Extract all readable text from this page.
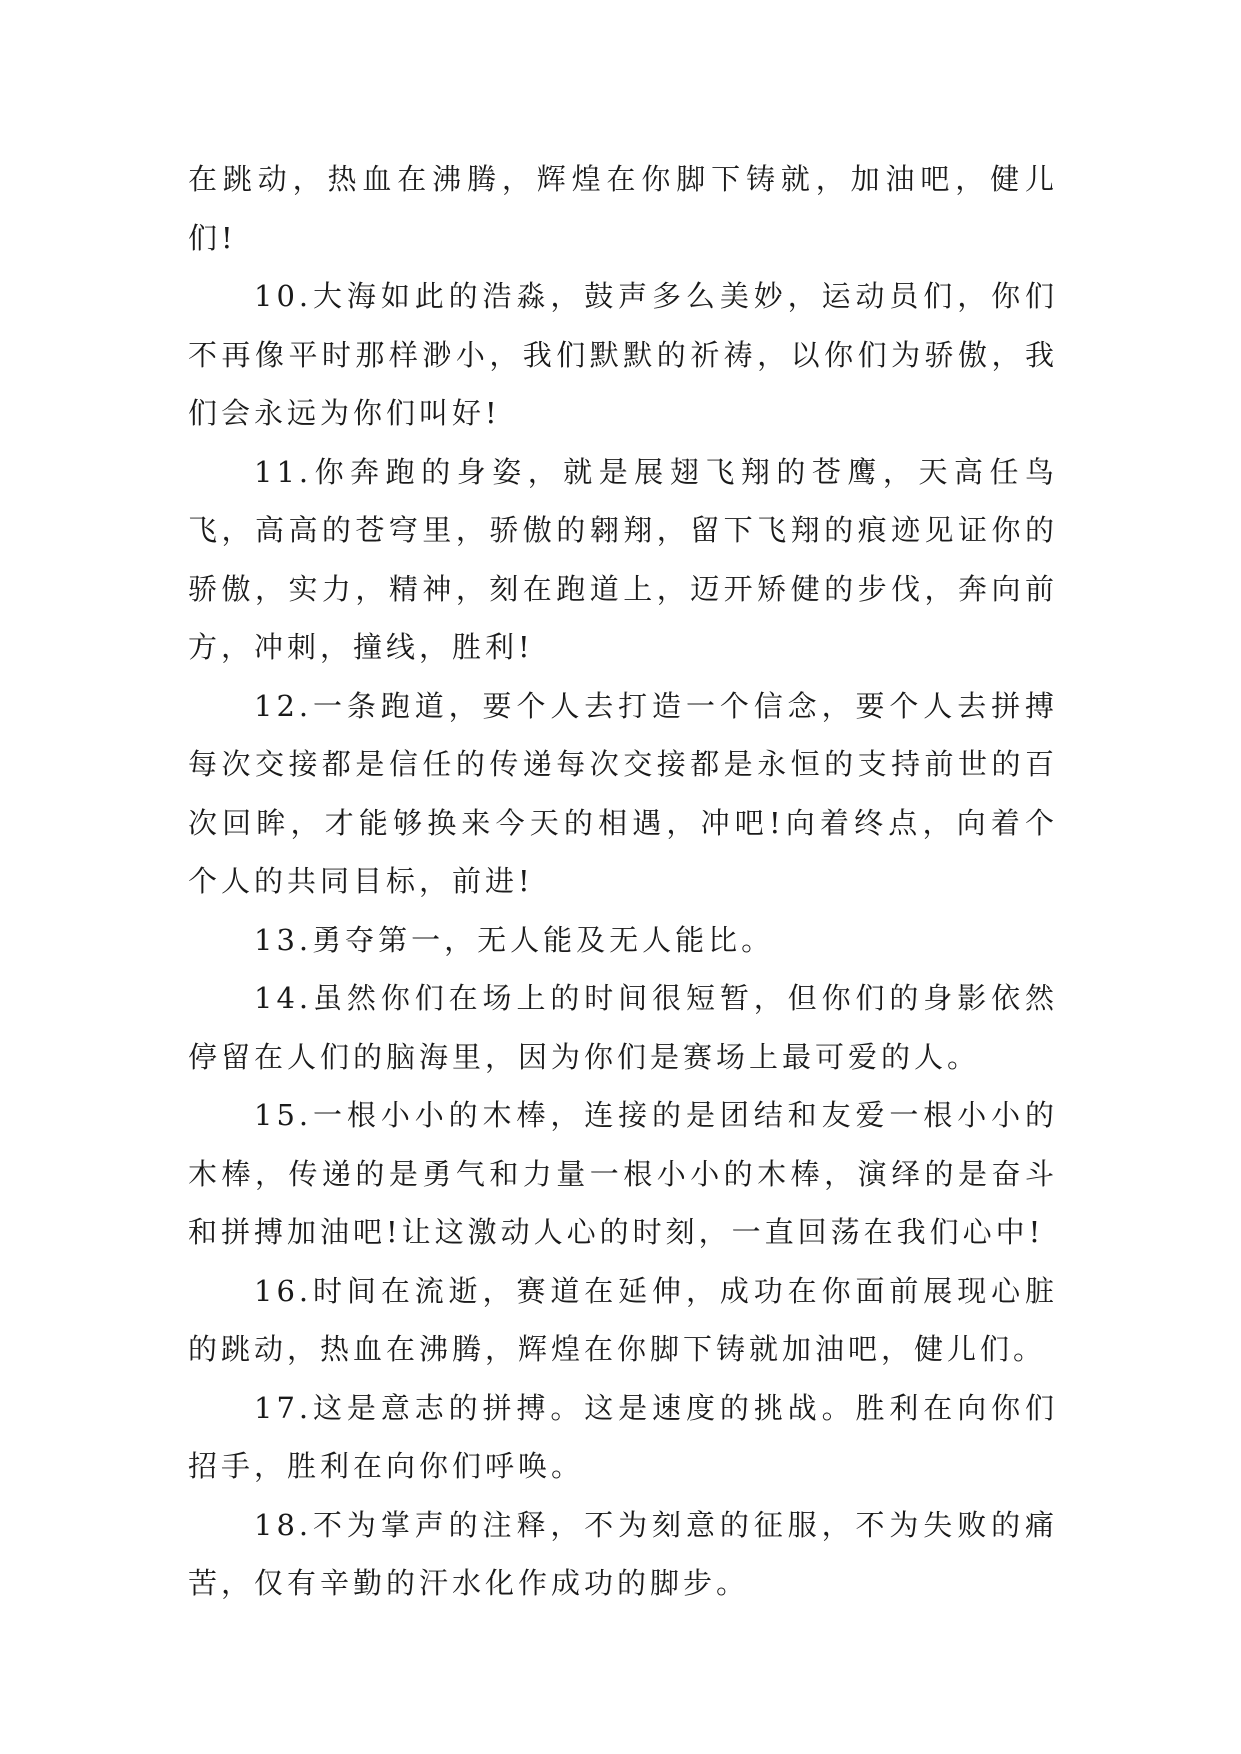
在跳动，热血在沸腾，辉煌在你脚下铸就，加油吧，健儿们!

10.大海如此的浩淼，鼓声多么美妙，运动员们，你们不再像平时那样渺小，我们默默的祈祷，以你们为骄傲，我们会永远为你们叫好!

11.你奔跑的身姿，就是展翅飞翔的苍鹰，天高任鸟飞，高高的苍穹里，骄傲的翱翔，留下飞翔的痕迹见证你的骄傲，实力，精神，刻在跑道上，迈开矫健的步伐，奔向前方，冲刺，撞线，胜利!

12.一条跑道，要个人去打造一个信念，要个人去拼搏每次交接都是信任的传递每次交接都是永恒的支持前世的百次回眸，才能够换来今天的相遇，冲吧!向着终点，向着个个人的共同目标，前进!

13.勇夺第一，无人能及无人能比。

14.虽然你们在场上的时间很短暂，但你们的身影依然停留在人们的脑海里，因为你们是赛场上最可爱的人。

15.一根小小的木棒，连接的是团结和友爱一根小小的木棒，传递的是勇气和力量一根小小的木棒，演绎的是奋斗和拼搏加油吧!让这激动人心的时刻，一直回荡在我们心中!

16.时间在流逝，赛道在延伸，成功在你面前展现心脏的跳动，热血在沸腾，辉煌在你脚下铸就加油吧，健儿们。

17.这是意志的拼搏。这是速度的挑战。胜利在向你们招手，胜利在向你们呼唤。

18.不为掌声的注释，不为刻意的征服，不为失败的痛苦，仅有辛勤的汗水化作成功的脚步。
